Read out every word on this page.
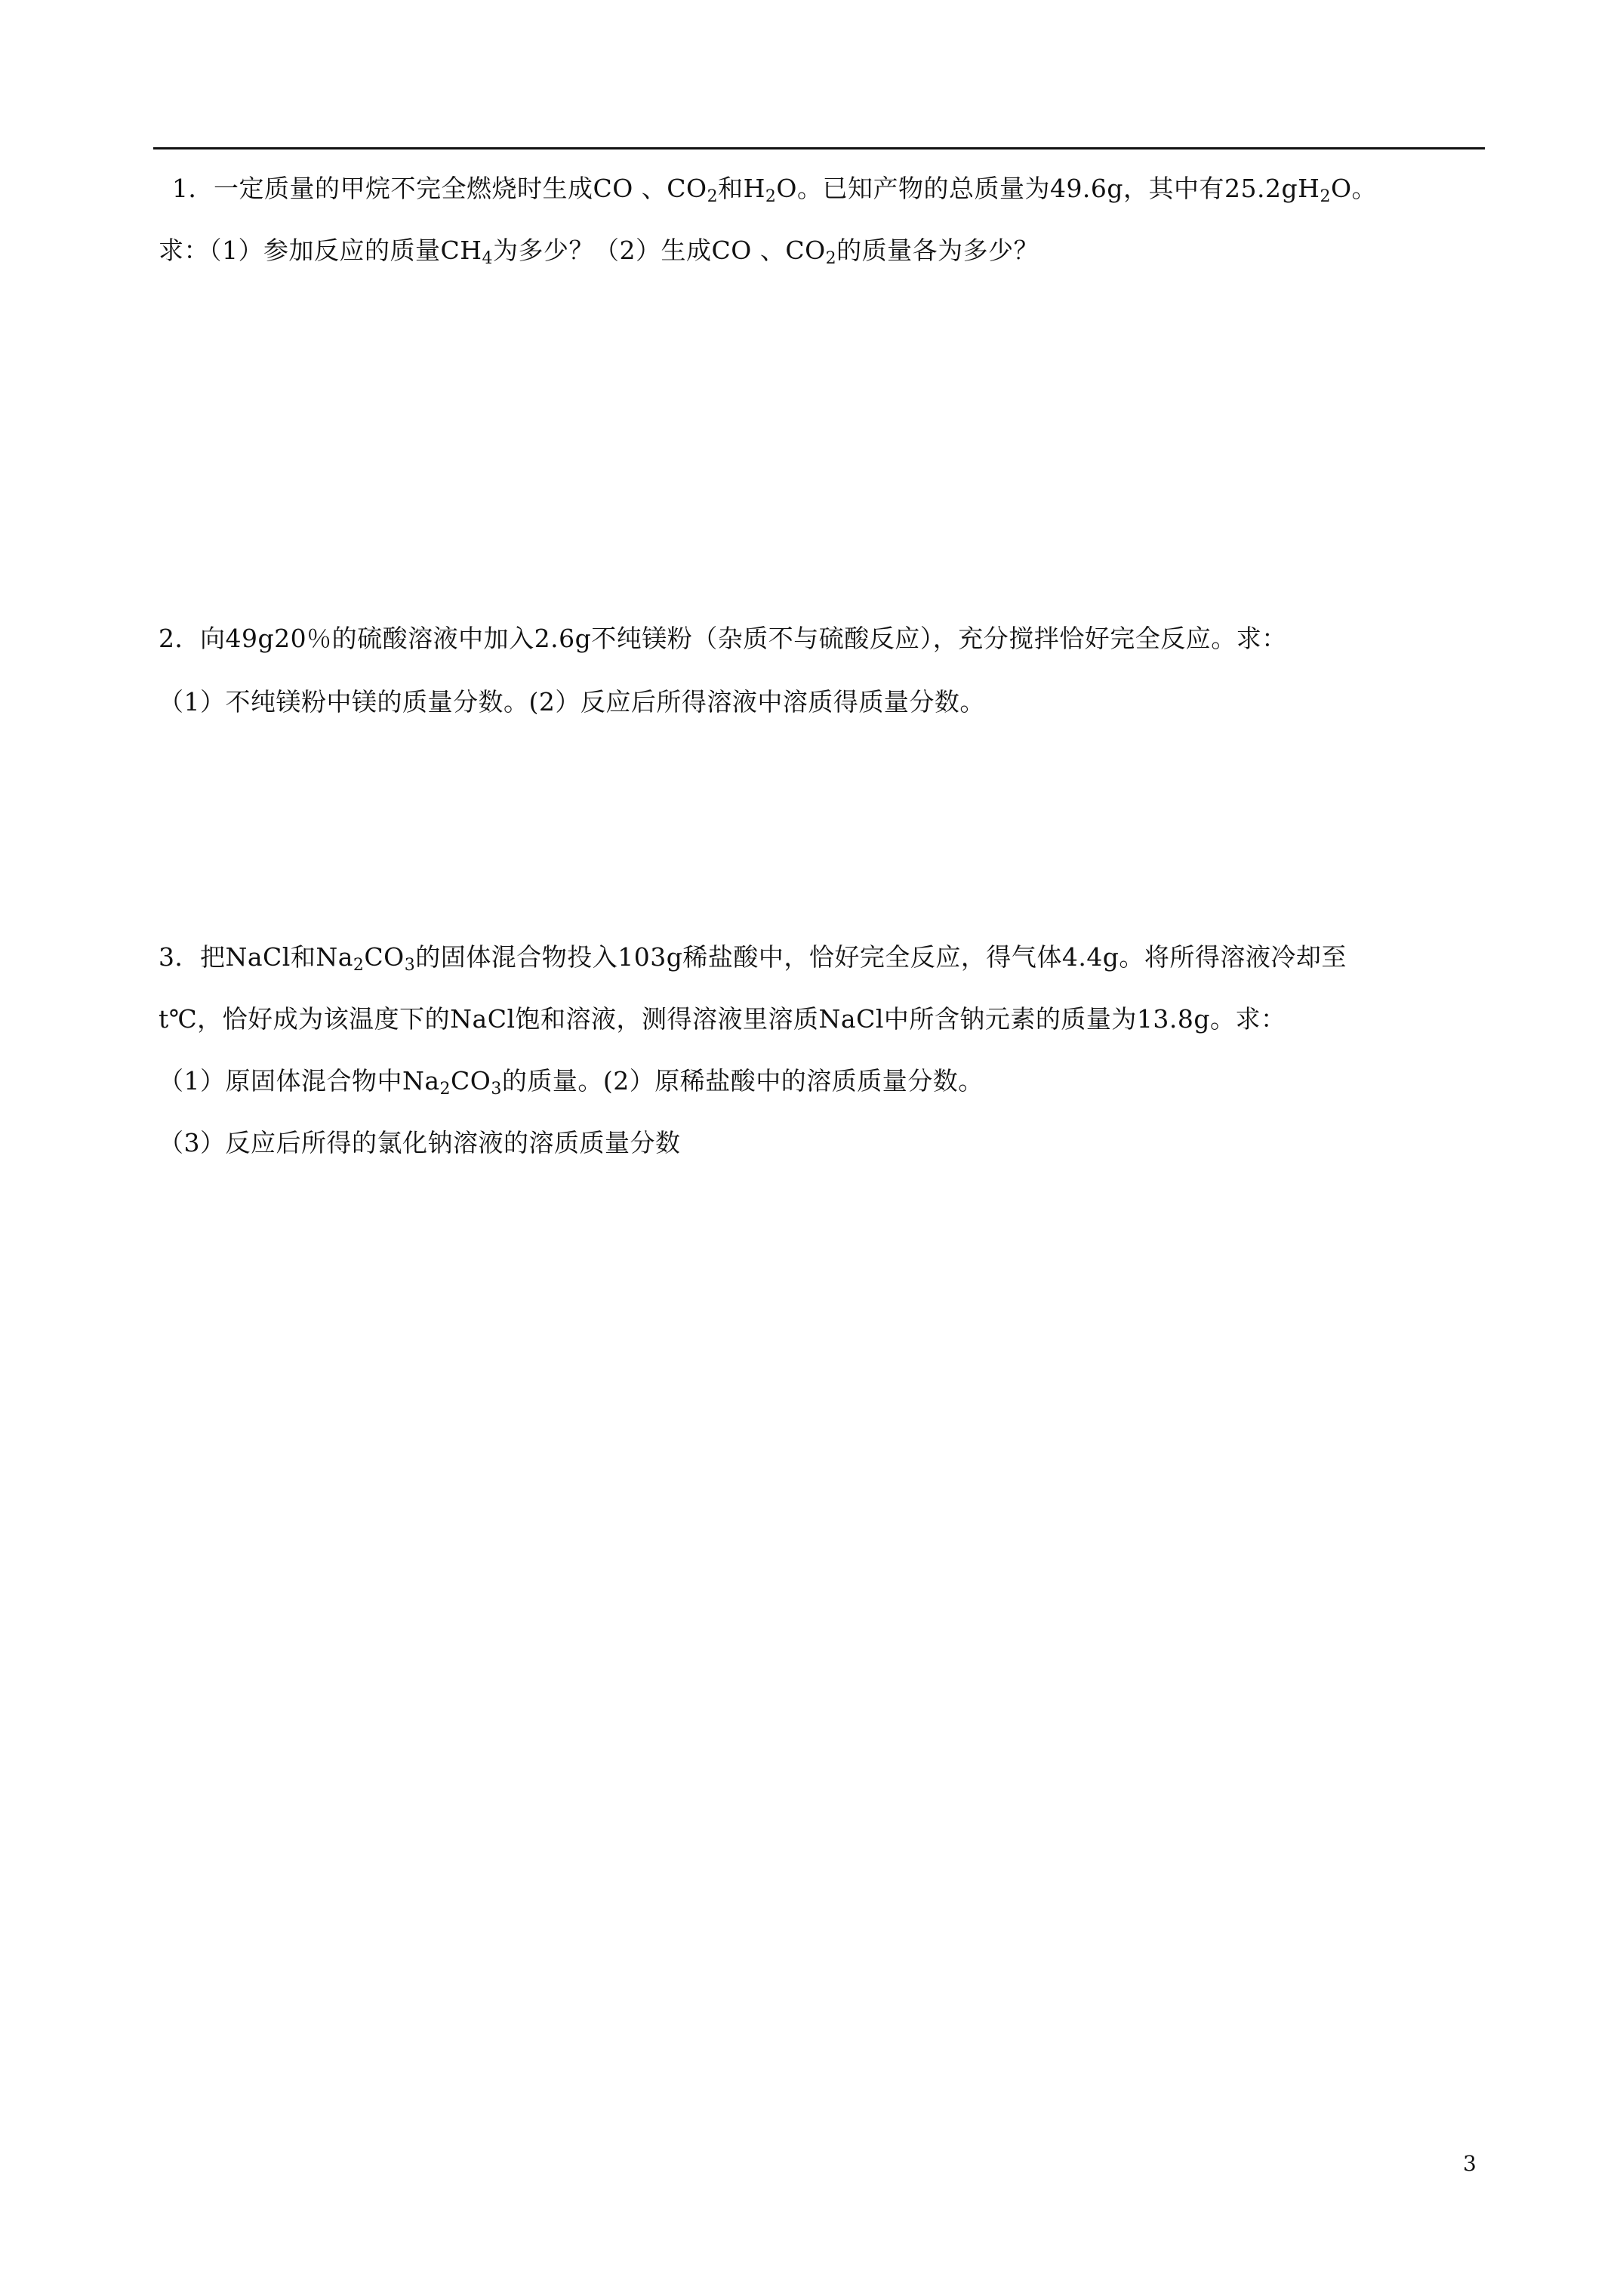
1．一定质量的甲烷不完全燃烧时生成CO 、$CO_2$和$H_2O$。已知产物的总质量为49.6g，其中有$25.2gH_2O$。
求：（1）参加反应的质量$CH_4$为多少？（2）生成CO 、$CO_2$的质量各为多少？
2．向49g20％的硫酸溶液中加入2.6g不纯镁粉（杂质不与硫酸反应），充分搅拌恰好完全反应。求：
（1）不纯镁粉中镁的质量分数。(2）反应后所得溶液中溶质得质量分数。
3．把NaCl和$Na_2CO_3$的固体混合物投入103g稀盐酸中，恰好完全反应，得气体4.4g。将所得溶液冷却至
t℃，恰好成为该温度下的NaCl饱和溶液，测得溶液里溶质NaCl中所含钠元素的质量为13.8g。求：
（1）原固体混合物中$Na_2CO_3$的质量。(2）原稀盐酸中的溶质质量分数。
（3）反应后所得的氯化钠溶液的溶质质量分数
3
